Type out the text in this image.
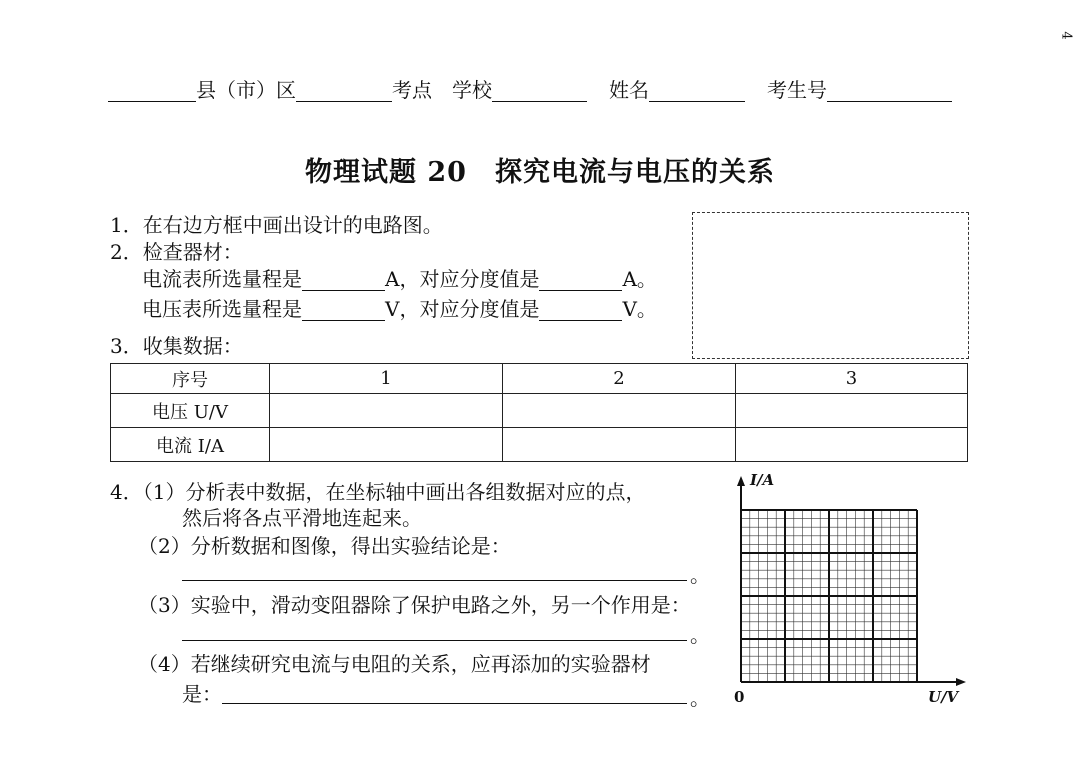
4
县（市）区	考点 学校	姓名	考生号
物理试题 20　探究电流与电压的关系
1．在右边方框中画出设计的电路图。
2．检查器材：
电流表所选量程是	A，对应分度值是	A。
电压表所选量程是	V，对应分度值是	V。
3．收集数据：
序号	1	2	3
电压 U/V			
电流 I/A			
4．（1）分析表中数据，在坐标轴中画出各组数据对应的点，
然后将各点平滑地连起来。
（2）分析数据和图像，得出实验结论是：
。
（3）实验中，滑动变阻器除了保护电路之外，另一个作用是：
。
（4）若继续研究电流与电阻的关系，应再添加的实验器材
是：	。
I/A
U/V
0
